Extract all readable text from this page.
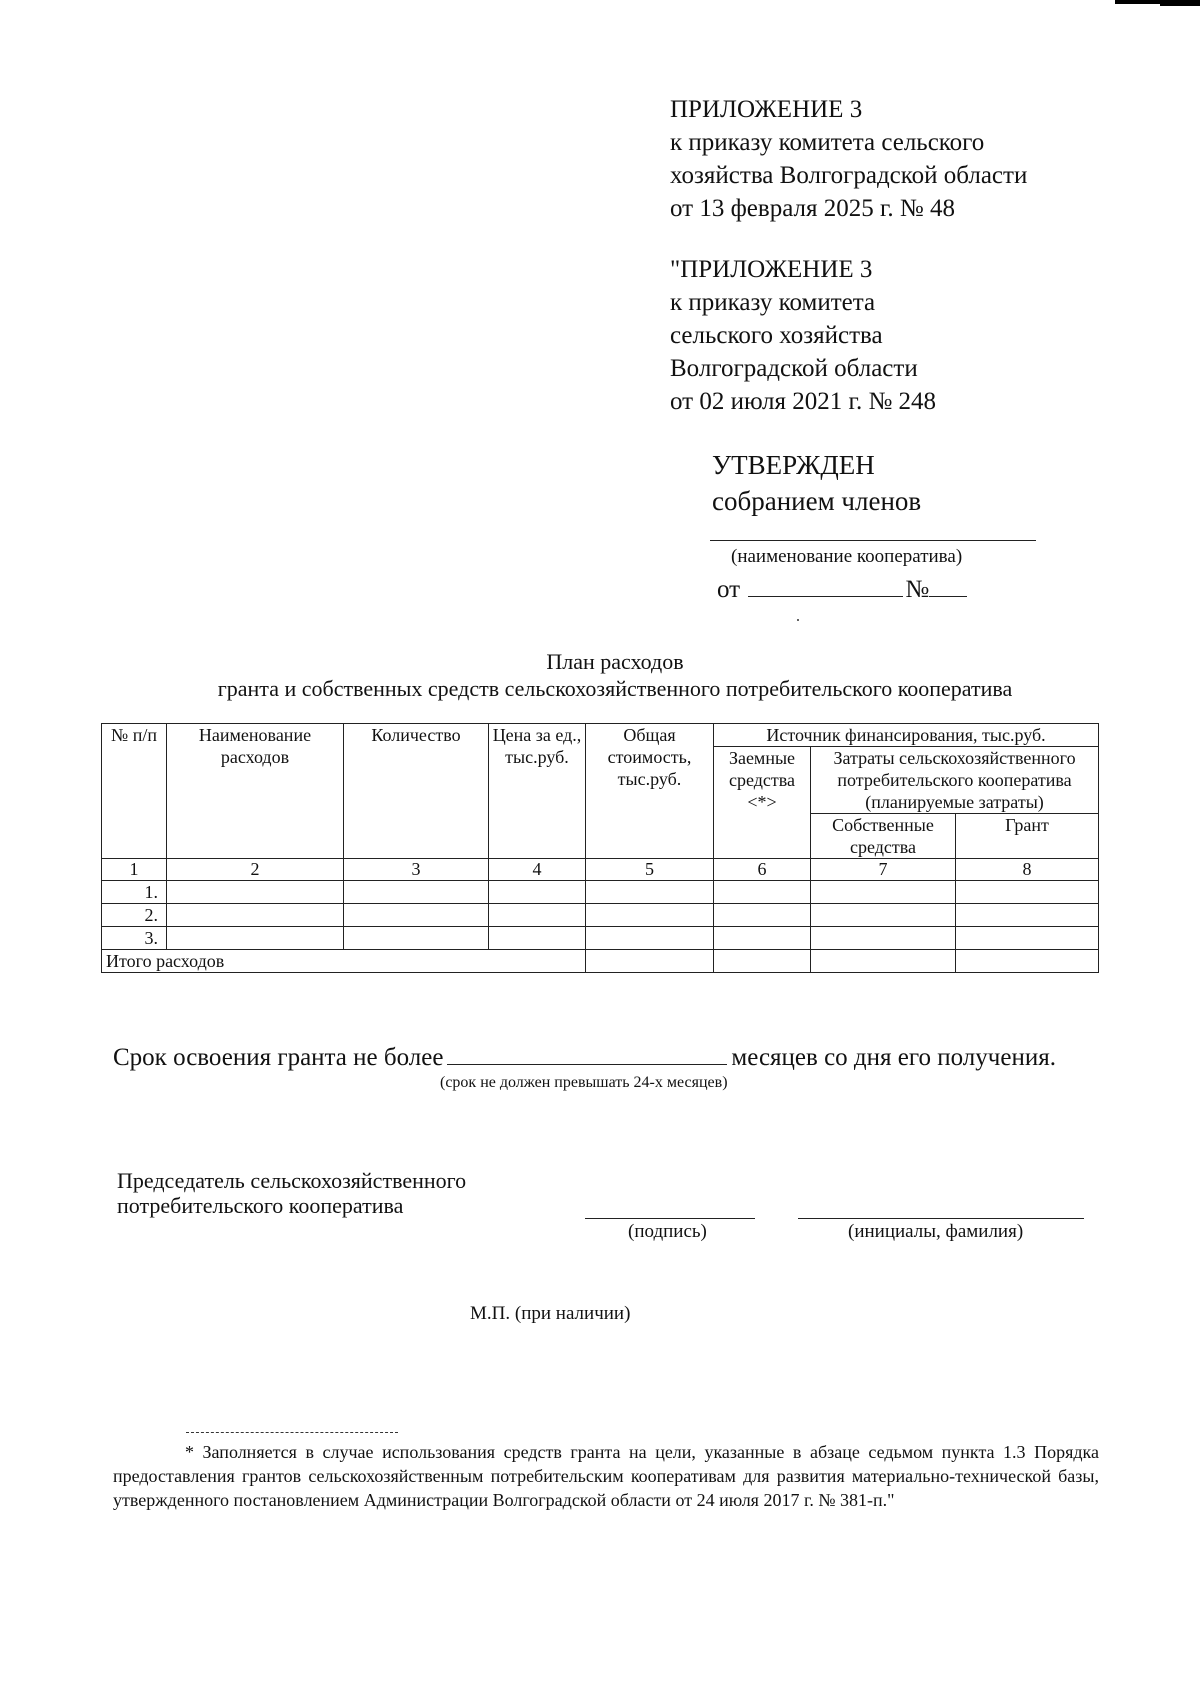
ПРИЛОЖЕНИЕ 3
к приказу комитета сельского
хозяйства Волгоградской области
от 13 февраля 2025 г. № 48
"ПРИЛОЖЕНИЕ 3
к приказу комитета
сельского хозяйства
Волгоградской области
от 02 июля 2021 г. № 248
УТВЕРЖДЕН
собранием членов
(наименование кооператива)
от	№
План расходов
гранта и собственных средств сельскохозяйственного потребительского кооператива
№ п/п	Наименование расходов	Количество	Цена за ед., тыс.руб.	Общая стоимость, тыс.руб.	Источник финансирования, тыс.руб.		
					Заемные средства <*>	Затраты сельскохозяйственного потребительского кооператива (планируемые затраты)	
						Собственные средства	Грант
1	2	3	4	5	6	7	8
1.							
2.							
3.							
Итого расходов							
Срок освоения гранта не более	месяцев со дня его получения.
(срок не должен превышать 24-х месяцев)
Председатель сельскохозяйственного
потребительского кооператива
(подпись)	(инициалы, фамилия)
М.П. (при наличии)
* Заполняется в случае использования средств гранта на цели, указанные в абзаце седьмом пункта 1.3 Порядка предоставления грантов сельскохозяйственным потребительским кооперативам для развития материально-технической базы, утвержденного постановлением Администрации Волгоградской области от 24 июля 2017 г. № 381-п."
